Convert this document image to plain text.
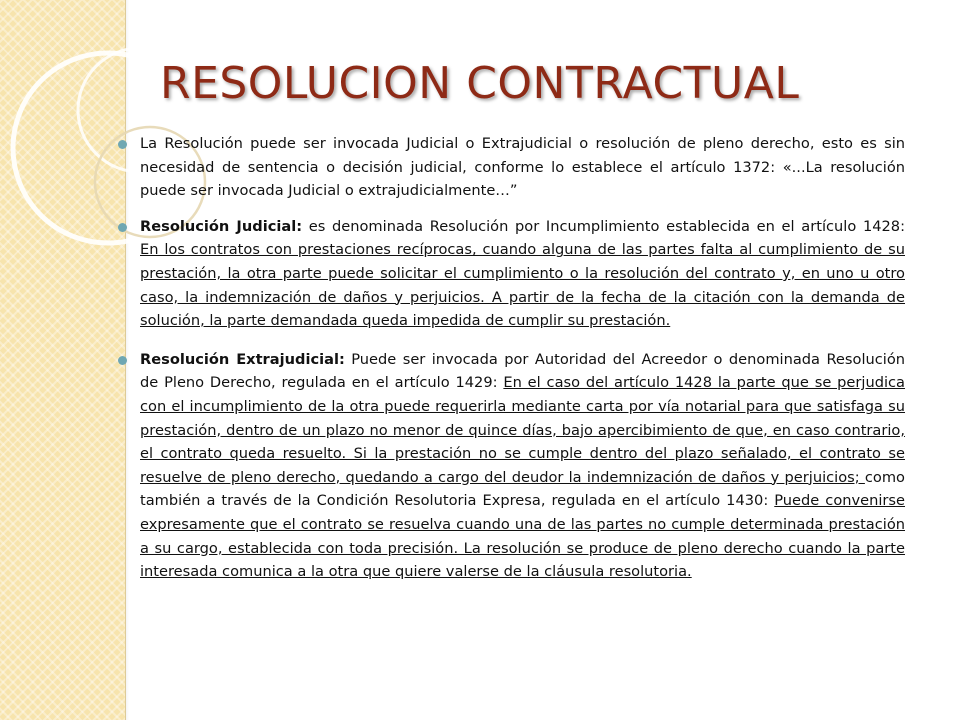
RESOLUCION CONTRACTUAL
La Resolución puede ser invocada Judicial o Extrajudicial o resolución de pleno derecho, esto es sin necesidad de sentencia o decisión judicial, conforme lo establece el artículo 1372: «...La resolución puede ser invocada Judicial o extrajudicialmente…”
Resolución Judicial: es denominada Resolución por Incumplimiento establecida en el artículo 1428: En los contratos con prestaciones recíprocas, cuando alguna de las partes falta al cumplimiento de su prestación, la otra parte puede solicitar el cumplimiento o la resolución del contrato y, en uno u otro caso, la indemnización de daños y perjuicios. A partir de la fecha de la citación con la demanda de solución, la parte demandada queda impedida de cumplir su prestación.
Resolución Extrajudicial: Puede ser invocada por Autoridad del Acreedor o denominada Resolución de Pleno Derecho, regulada en el artículo 1429: En el caso del artículo 1428 la parte que se perjudica con el incumplimiento de la otra puede requerirla mediante carta por vía notarial para que satisfaga su prestación, dentro de un plazo no menor de quince días, bajo apercibimiento de que, en caso contrario, el contrato queda resuelto. Si la prestación no se cumple dentro del plazo señalado, el contrato se resuelve de pleno derecho, quedando a cargo del deudor la indemnización de daños y perjuicios; como también a través de la Condición Resolutoria Expresa, regulada en el artículo 1430: Puede convenirse expresamente que el contrato se resuelva cuando una de las partes no cumple determinada prestación a su cargo, establecida con toda precisión. La resolución se produce de pleno derecho cuando la parte interesada comunica a la otra que quiere valerse de la cláusula resolutoria.
